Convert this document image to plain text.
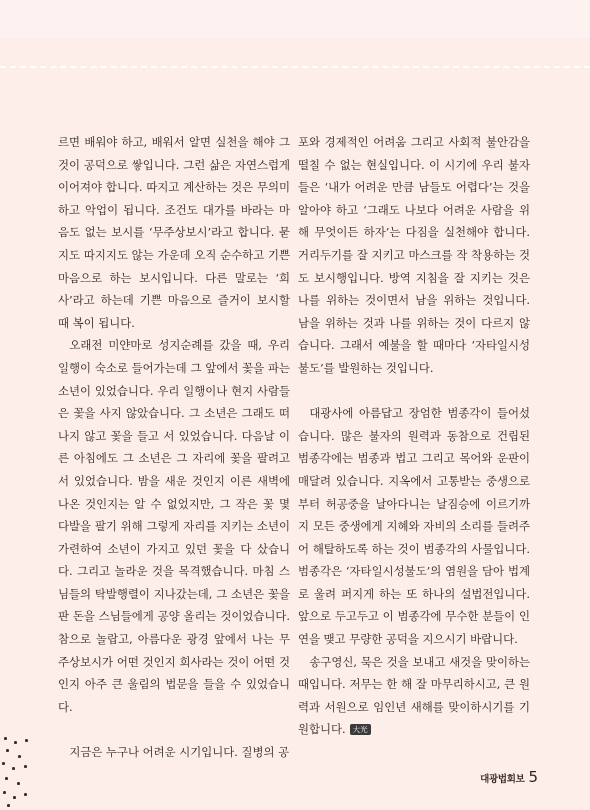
르면 배워야 하고, 배워서 알면 실천을 해야 그것이 공덕으로 쌓입니다. 그런 삶은 자연스럽게 이어져야 합니다. 따지고 계산하는 것은 무의미하고 악업이 됩니다. 조건도 대가를 바라는 마음도 없는 보시를 ‘무주상보시’라고 합니다. 묻지도 따지지도 않는 가운데 오직 순수하고 기쁜 마음으로 하는 보시입니다. 다른 말로는 ‘희사’라고 하는데 기쁜 마음으로 즐거이 보시할 때 복이 됩니다.

오래전 미얀마로 성지순례를 갔을 때, 우리 일행이 숙소로 들어가는데 그 앞에서 꽃을 파는 소년이 있었습니다. 우리 일행이나 현지 사람들은 꽃을 사지 않았습니다. 그 소년은 그래도 떠나지 않고 꽃을 들고 서 있었습니다. 다음날 이른 아침에도 그 소년은 그 자리에 꽃을 팔려고 서 있었습니다. 밤을 새운 것인지 이른 새벽에 나온 것인지는 알 수 없었지만, 그 작은 꽃 몇 다발을 팔기 위해 그렇게 자리를 지키는 소년이 가련하여 소년이 가지고 있던 꽃을 다 샀습니다. 그리고 놀라운 것을 목격했습니다. 마침 스님들의 탁발행렬이 지나갔는데, 그 소년은 꽃을 판 돈을 스님들에게 공양 올리는 것이었습니다. 참으로 놀랍고, 아름다운 광경 앞에서 나는 무주상보시가 어떤 것인지 희사라는 것이 어떤 것인지 아주 큰 울림의 법문을 들을 수 있었습니다.

지금은 누구나 어려운 시기입니다. 질병의 공

포와 경제적인 어려움 그리고 사회적 불안감을 떨칠 수 없는 현실입니다. 이 시기에 우리 불자들은 ‘내가 어려운 만큼 남들도 어렵다’는 것을 알아야 하고 ‘그래도 나보다 어려운 사람을 위해 무엇이든 하자’는 다짐을 실천해야 합니다. 거리두기를 잘 지키고 마스크를 작 착용하는 것도 보시행입니다. 방역 지침을 잘 지키는 것은 나를 위하는 것이면서 남을 위하는 것입니다. 남을 위하는 것과 나를 위하는 것이 다르지 않습니다. 그래서 예불을 할 때마다 ‘자타일시성불도’를 발원하는 것입니다.

대광사에 아름답고 장엄한 범종각이 들어섰습니다. 많은 불자의 원력과 동참으로 건립된 범종각에는 범종과 법고 그리고 목어와 운판이 매달려 있습니다. 지옥에서 고통받는 중생으로부터 허공중을 날아다니는 날짐승에 이르기까지 모든 중생에게 지혜와 자비의 소리를 들려주어 해탈하도록 하는 것이 범종각의 사물입니다. 범종각은 ‘자타일시성불도’의 염원을 담아 법계로 울려 퍼지게 하는 또 하나의 설법전입니다. 앞으로 두고두고 이 범종각에 무수한 분들이 인연을 맺고 무량한 공덕을 지으시기 바랍니다.

송구영신, 묵은 것을 보내고 새것을 맞이하는 때입니다. 저무는 한 해 잘 마무리하시고, 큰 원력과 서원으로 임인년 새해를 맞이하시기를 기원합니다. 大光

대광법회보 5
